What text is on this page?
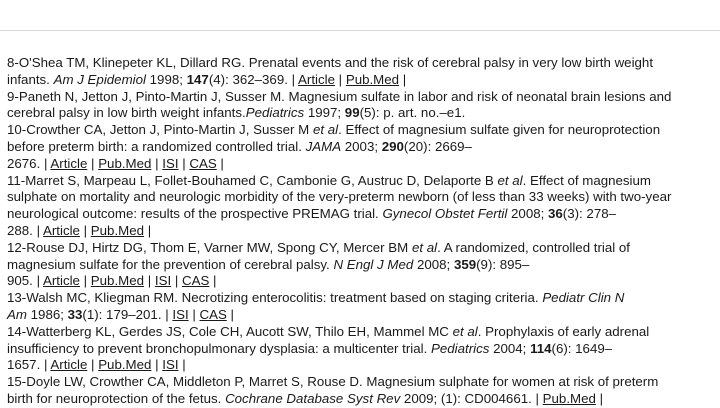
8-O'Shea TM, Klinepeter KL, Dillard RG. Prenatal events and the risk of cerebral palsy in very low birth weight
infants. Am J Epidemiol 1998; 147(4): 362–369. | Article | Pub.Med |
9-Paneth N, Jetton J, Pinto-Martin J, Susser M. Magnesium sulfate in labor and risk of neonatal brain lesions and
cerebral palsy in low birth weight infants.Pediatrics 1997; 99(5): p. art. no.–e1.
10-Crowther CA, Jetton J, Pinto-Martin J, Susser M et al. Effect of magnesium sulfate given for neuroprotection
before preterm birth: a randomized controlled trial. JAMA 2003; 290(20): 2669–
2676. | Article | Pub.Med | ISI | CAS |
11-Marret S, Marpeau L, Follet-Bouhamed C, Cambonie G, Austruc D, Delaporte B et al. Effect of magnesium
sulphate on mortality and neurologic morbidity of the very-preterm newborn (of less than 33 weeks) with two-year
neurological outcome: results of the prospective PREMAG trial. Gynecol Obstet Fertil 2008; 36(3): 278–
288. | Article | Pub.Med |
12-Rouse DJ, Hirtz DG, Thom E, Varner MW, Spong CY, Mercer BM et al. A randomized, controlled trial of
magnesium sulfate for the prevention of cerebral palsy. N Engl J Med 2008; 359(9): 895–
905. | Article | Pub.Med | ISI | CAS |
13-Walsh MC, Kliegman RM. Necrotizing enterocolitis: treatment based on staging criteria. Pediatr Clin N
Am 1986; 33(1): 179–201. | ISI | CAS |
14-Watterberg KL, Gerdes JS, Cole CH, Aucott SW, Thilo EH, Mammel MC et al. Prophylaxis of early adrenal
insufficiency to prevent bronchopulmonary dysplasia: a multicenter trial. Pediatrics 2004; 114(6): 1649–
1657. | Article | Pub.Med | ISI |
15-Doyle LW, Crowther CA, Middleton P, Marret S, Rouse D. Magnesium sulphate for women at risk of preterm
birth for neuroprotection of the fetus. Cochrane Database Syst Rev 2009; (1): CD004661. | Pub.Med |
